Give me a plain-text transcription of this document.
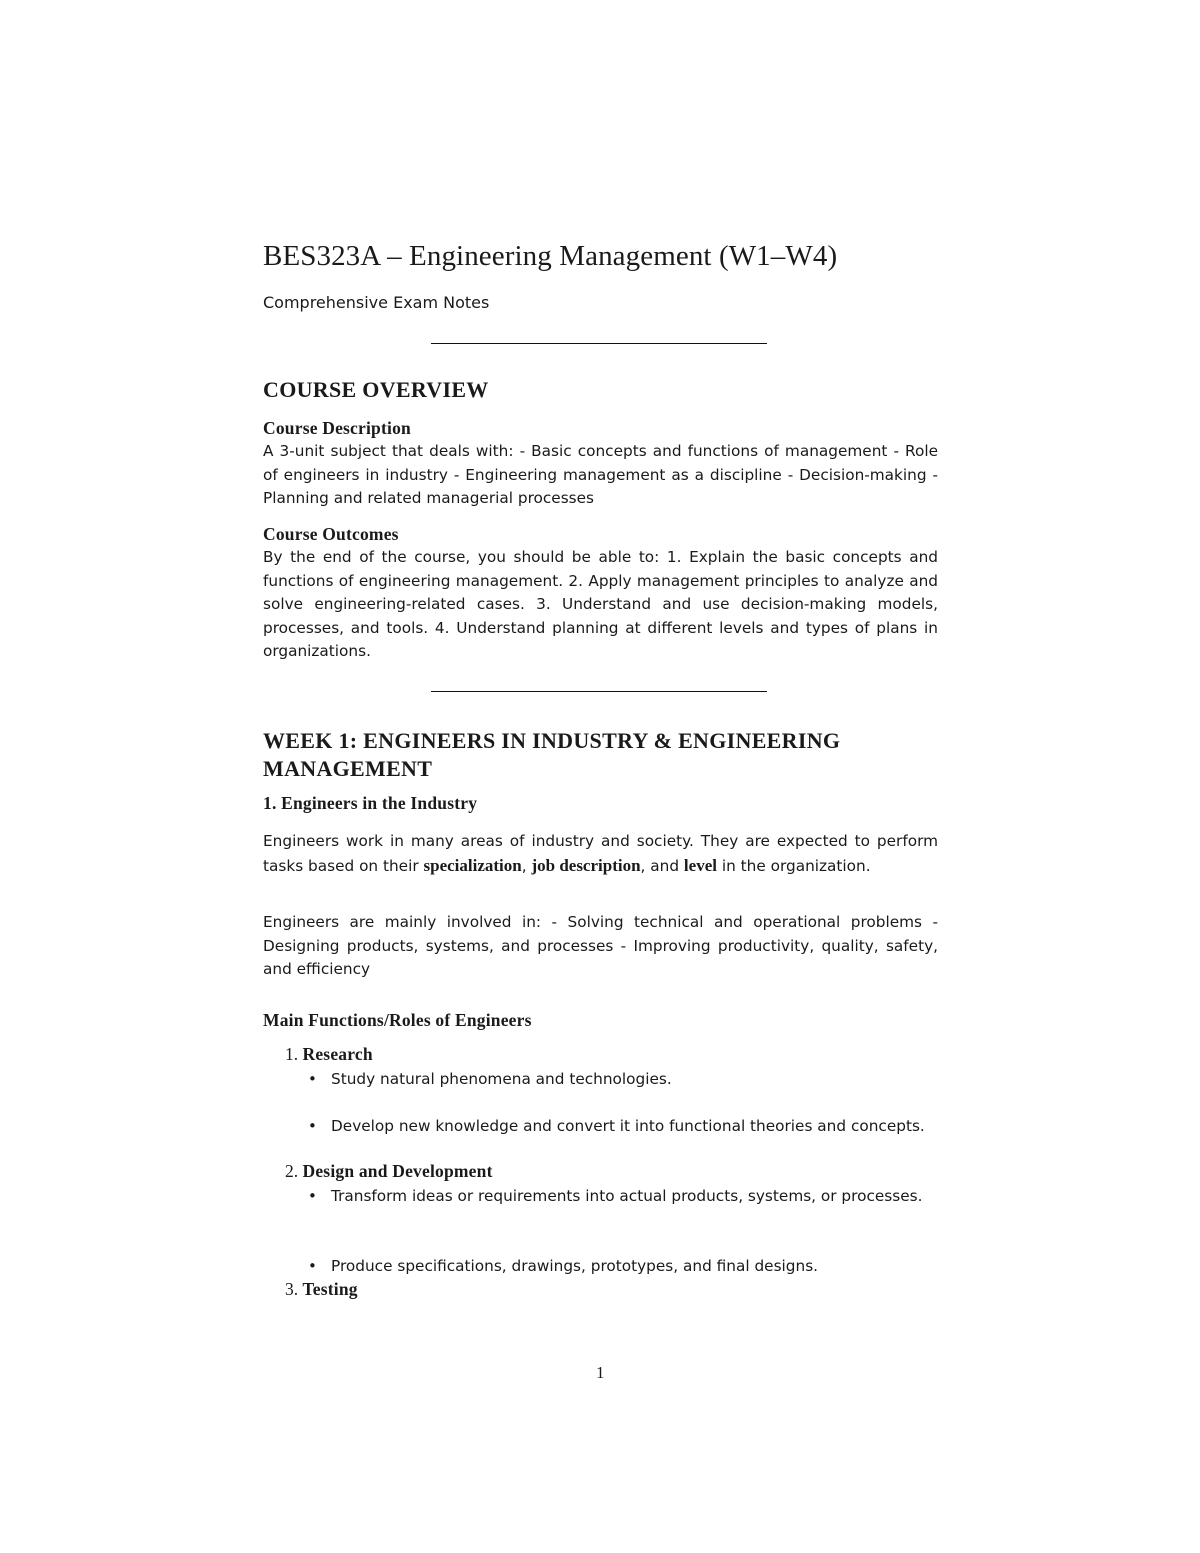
BES323A – Engineering Management (W1–W4)

Comprehensive Exam Notes

COURSE OVERVIEW
Course Description

A 3-unit subject that deals with: - Basic concepts and functions of management - Role of engineers in industry - Engineering management as a discipline - Decision-making - Planning and related managerial processes

Course Outcomes

By the end of the course, you should be able to: 1. Explain the basic concepts and functions of engineering management. 2. Apply management principles to analyze and solve engineering-related cases. 3. Understand and use decision-making models, processes, and tools. 4. Understand planning at different levels and types of plans in organizations.

WEEK 1: ENGINEERS IN INDUSTRY & ENGINEERING MANAGEMENT
1. Engineers in the Industry

Engineers work in many areas of industry and society. They are expected to perform tasks based on their specialization, job description, and level in the organization.

Engineers are mainly involved in: - Solving technical and operational problems - Designing products, systems, and processes - Improving productivity, quality, safety, and efficiency

Main Functions/Roles of Engineers

1. Research

• Study natural phenomena and technologies.
• Develop new knowledge and convert it into functional theories and concepts.

2. Design and Development

• Transform ideas or requirements into actual products, systems, or processes.
• Produce specifications, drawings, prototypes, and final designs.

3. Testing

1
